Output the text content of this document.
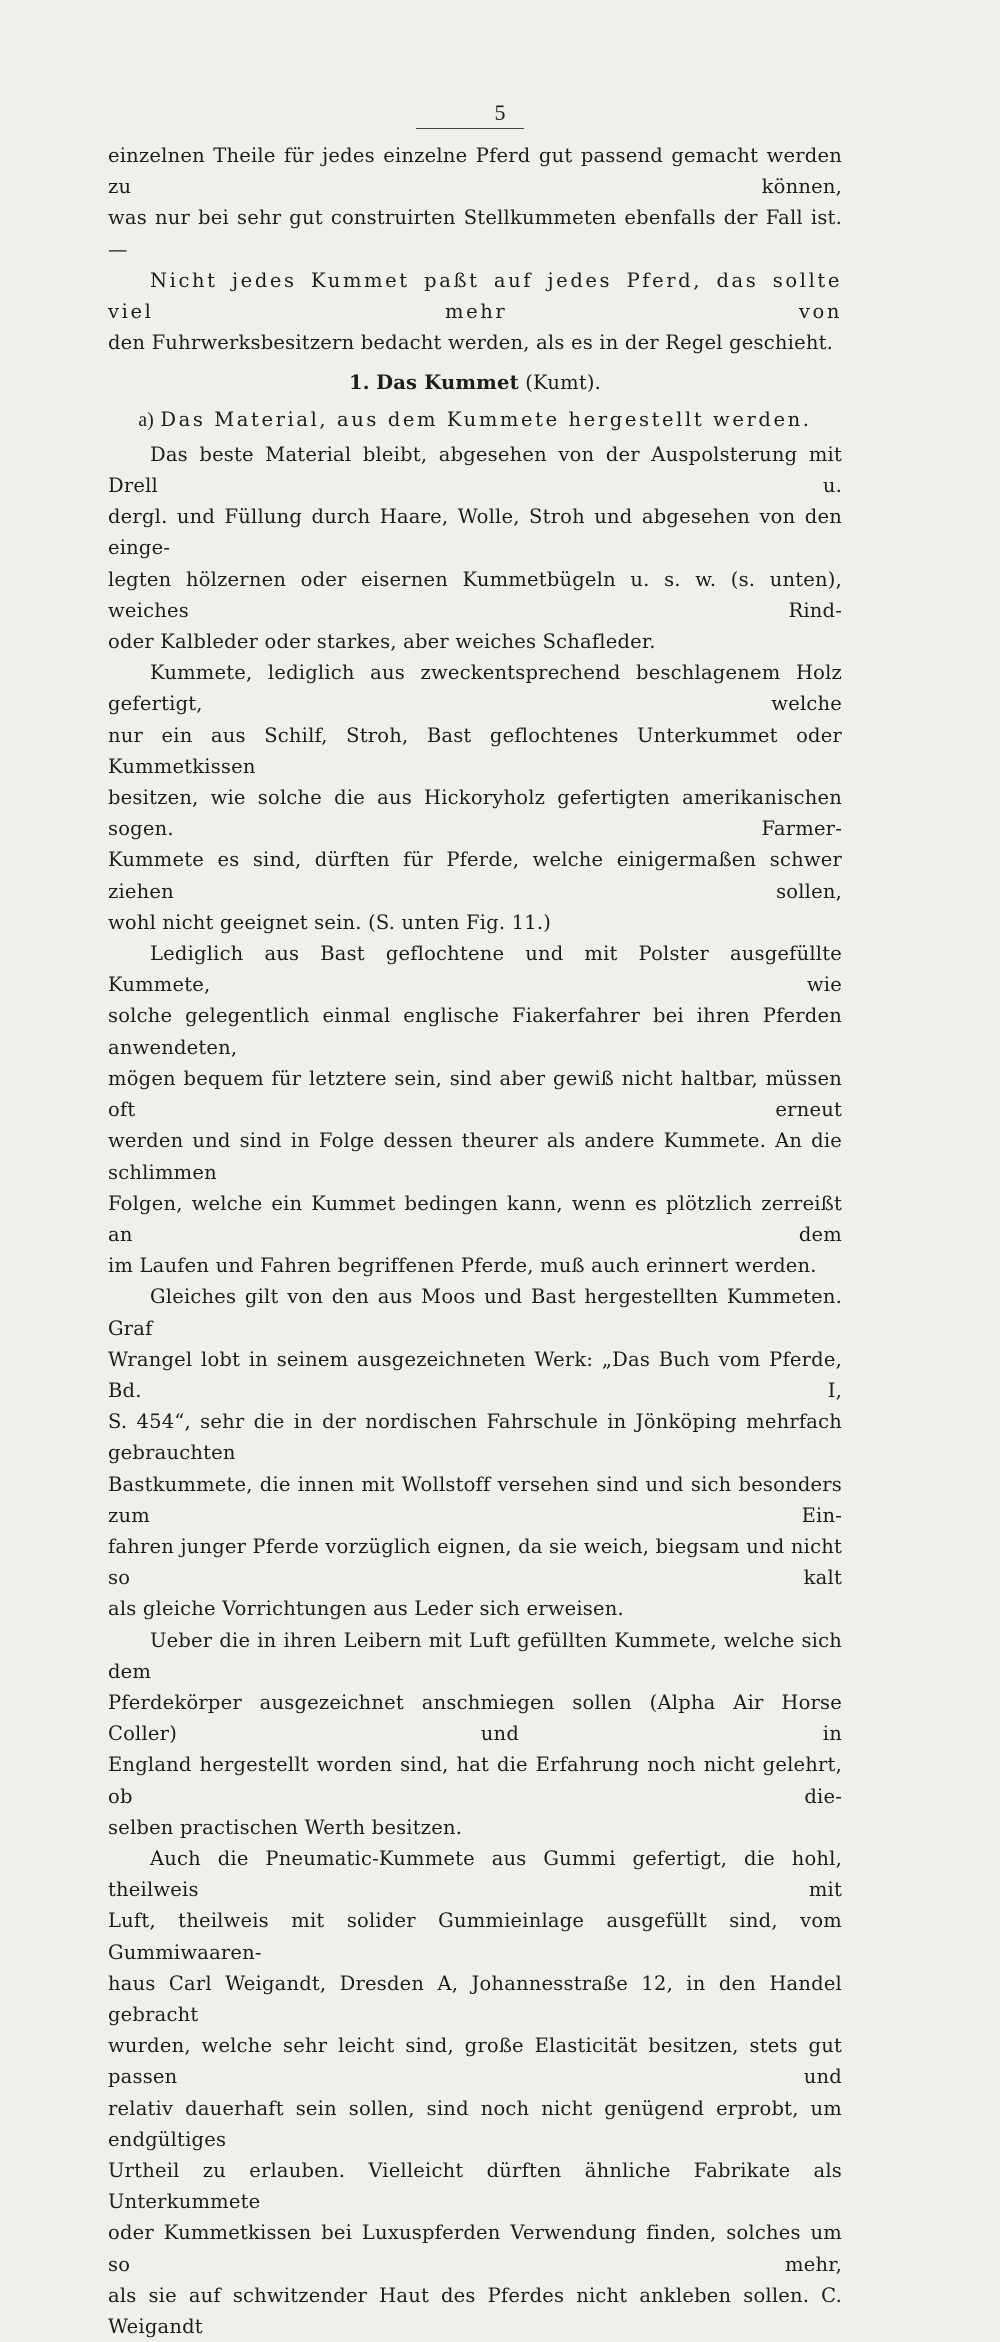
5

einzelnen Theile für jedes einzelne Pferd gut passend gemacht werden zu können,
was nur bei sehr gut construirten Stellkummeten ebenfalls der Fall ist. —

Nicht jedes Kummet paßt auf jedes Pferd, das sollte viel mehr von
den Fuhrwerksbesitzern bedacht werden, als es in der Regel geschieht.

1. Das Kummet (Kumt).

a) Das Material, aus dem Kummete hergestellt werden.

Das beste Material bleibt, abgesehen von der Auspolsterung mit Drell u.
dergl. und Füllung durch Haare, Wolle, Stroh und abgesehen von den einge-
legten hölzernen oder eisernen Kummetbügeln u. s. w. (s. unten), weiches Rind-
oder Kalbleder oder starkes, aber weiches Schafleder.

Kummete, lediglich aus zweckentsprechend beschlagenem Holz gefertigt, welche
nur ein aus Schilf, Stroh, Bast geflochtenes Unterkummet oder Kummetkissen
besitzen, wie solche die aus Hickoryholz gefertigten amerikanischen sogen. Farmer-
Kummete es sind, dürften für Pferde, welche einigermaßen schwer ziehen sollen,
wohl nicht geeignet sein. (S. unten Fig. 11.)

Lediglich aus Bast geflochtene und mit Polster ausgefüllte Kummete, wie
solche gelegentlich einmal englische Fiakerfahrer bei ihren Pferden anwendeten,
mögen bequem für letztere sein, sind aber gewiß nicht haltbar, müssen oft erneut
werden und sind in Folge dessen theurer als andere Kummete. An die schlimmen
Folgen, welche ein Kummet bedingen kann, wenn es plötzlich zerreißt an dem
im Laufen und Fahren begriffenen Pferde, muß auch erinnert werden.

Gleiches gilt von den aus Moos und Bast hergestellten Kummeten. Graf
Wrangel lobt in seinem ausgezeichneten Werk: „Das Buch vom Pferde, Bd. I,
S. 454“, sehr die in der nordischen Fahrschule in Jönköping mehrfach gebrauchten
Bastkummete, die innen mit Wollstoff versehen sind und sich besonders zum Ein-
fahren junger Pferde vorzüglich eignen, da sie weich, biegsam und nicht so kalt
als gleiche Vorrichtungen aus Leder sich erweisen.

Ueber die in ihren Leibern mit Luft gefüllten Kummete, welche sich dem
Pferdekörper ausgezeichnet anschmiegen sollen (Alpha Air Horse Coller) und in
England hergestellt worden sind, hat die Erfahrung noch nicht gelehrt, ob die-
selben practischen Werth besitzen.

Auch die Pneumatic-Kummete aus Gummi gefertigt, die hohl, theilweis mit
Luft, theilweis mit solider Gummieinlage ausgefüllt sind, vom Gummiwaaren-
haus Carl Weigandt, Dresden A, Johannesstraße 12, in den Handel gebracht
wurden, welche sehr leicht sind, große Elasticität besitzen, stets gut passen und
relativ dauerhaft sein sollen, sind noch nicht genügend erprobt, um endgültiges
Urtheil zu erlauben. Vielleicht dürften ähnliche Fabrikate als Unterkummete
oder Kummetkissen bei Luxuspferden Verwendung finden, solches um so mehr,
als sie auf schwitzender Haut des Pferdes nicht ankleben sollen. C. Weigandt
